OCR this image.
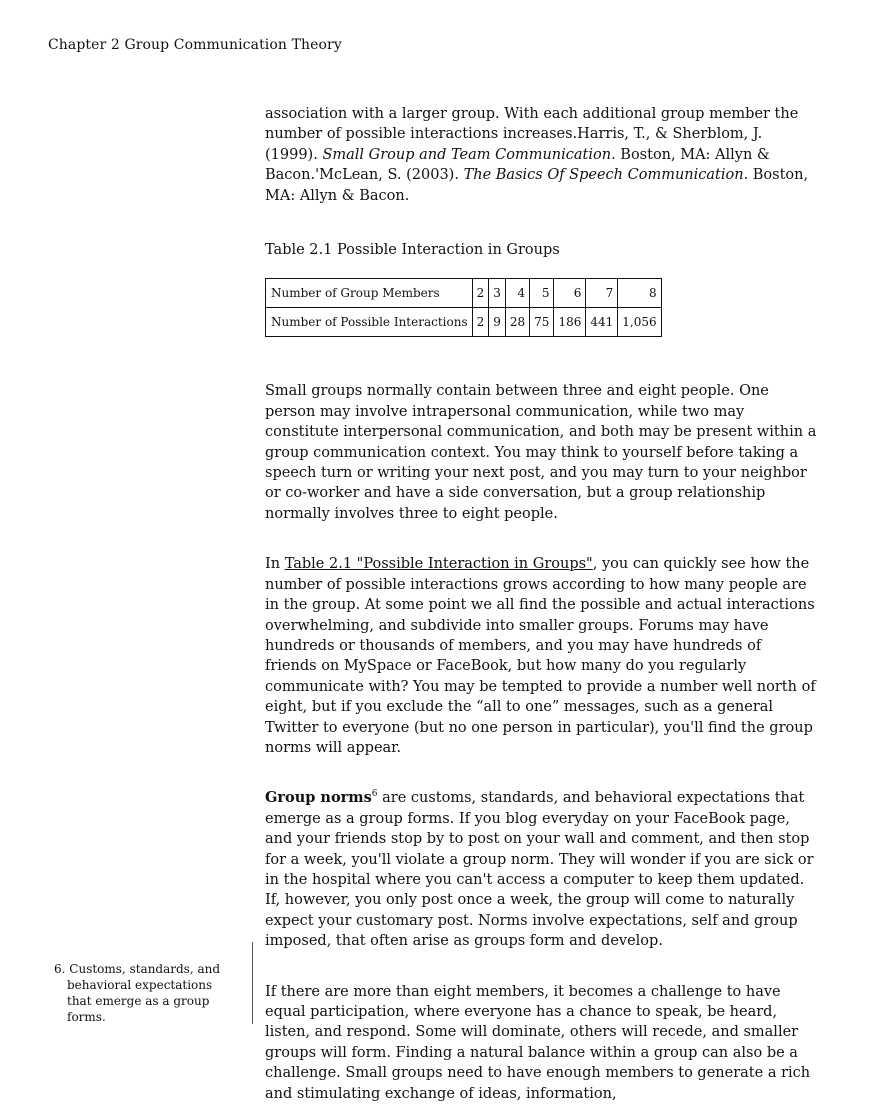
Chapter 2 Group Communication Theory

association with a larger group. With each additional group member the number of possible interactions increases.Harris, T., & Sherblom, J. (1999). Small Group and Team Communication. Boston, MA: Allyn & Bacon.'McLean, S. (2003). The Basics Of Speech Communication. Boston, MA: Allyn & Bacon.

Table 2.1 Possible Interaction in Groups
Number of Group Members	2	3	4	5	6	7	8
Number of Possible Interactions	2	9	28	75	186	441	1,056

Small groups normally contain between three and eight people. One person may involve intrapersonal communication, while two may constitute interpersonal communication, and both may be present within a group communication context. You may think to yourself before taking a speech turn or writing your next post, and you may turn to your neighbor or co-worker and have a side conversation, but a group relationship normally involves three to eight people.

In Table 2.1 "Possible Interaction in Groups", you can quickly see how the number of possible interactions grows according to how many people are in the group. At some point we all find the possible and actual interactions overwhelming, and subdivide into smaller groups. Forums may have hundreds or thousands of members, and you may have hundreds of friends on MySpace or FaceBook, but how many do you regularly communicate with? You may be tempted to provide a number well north of eight, but if you exclude the “all to one” messages, such as a general Twitter to everyone (but no one person in particular), you'll find the group norms will appear.

Group norms$^6$ are customs, standards, and behavioral expectations that emerge as a group forms. If you blog everyday on your FaceBook page, and your friends stop by to post on your wall and comment, and then stop for a week, you'll violate a group norm. They will wonder if you are sick or in the hospital where you can't access a computer to keep them updated. If, however, you only post once a week, the group will come to naturally expect your customary post. Norms involve expectations, self and group imposed, that often arise as groups form and develop.

If there are more than eight members, it becomes a challenge to have equal participation, where everyone has a chance to speak, be heard, listen, and respond. Some will dominate, others will recede, and smaller groups will form. Finding a natural balance within a group can also be a challenge. Small groups need to have enough members to generate a rich and stimulating exchange of ideas, information,

6. Customs, standards, and
behavioral expectations that emerge as a group forms.
